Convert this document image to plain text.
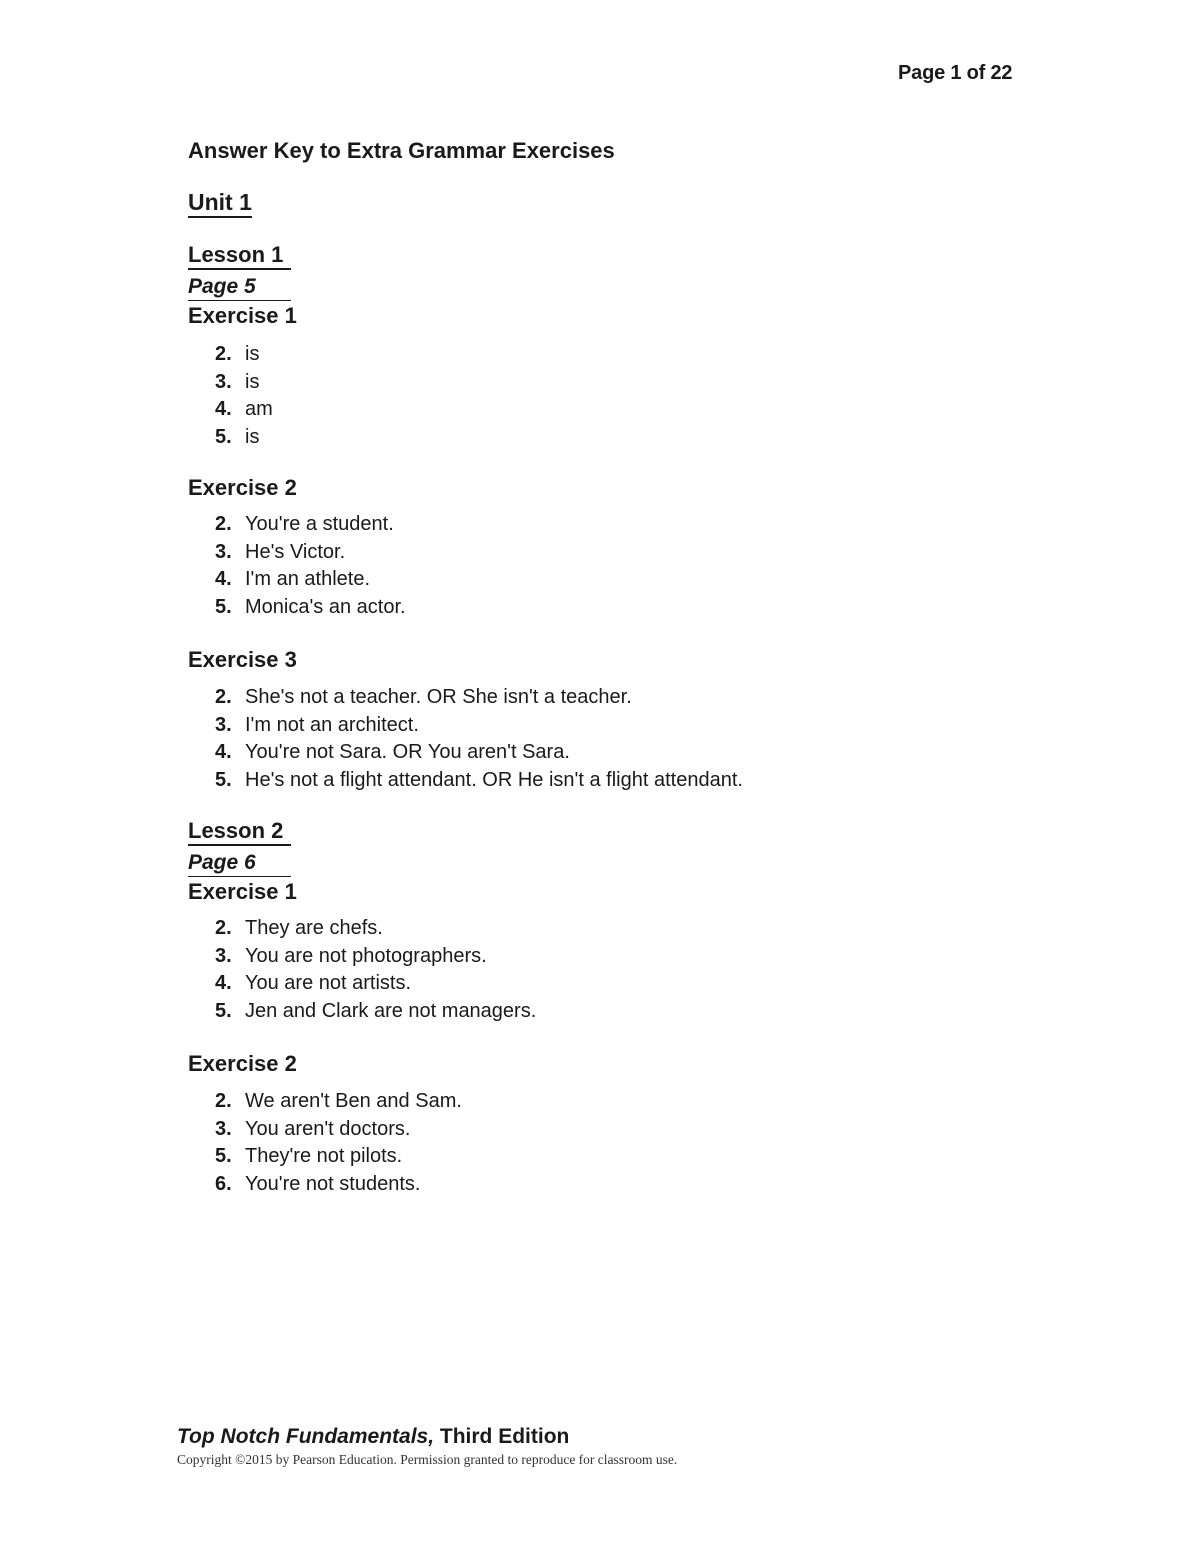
Page 1 of 22
Answer Key to Extra Grammar Exercises
Unit 1
Lesson 1
Page 5
Exercise 1
2. is
3. is
4. am
5. is
Exercise 2
2. You're a student.
3. He's Victor.
4. I'm an athlete.
5. Monica's an actor.
Exercise 3
2. She's not a teacher. OR She isn't a teacher.
3. I'm not an architect.
4. You're not Sara. OR You aren't Sara.
5. He's not a flight attendant. OR He isn't a flight attendant.
Lesson 2
Page 6
Exercise 1
2. They are chefs.
3. You are not photographers.
4. You are not artists.
5. Jen and Clark are not managers.
Exercise 2
2. We aren't Ben and Sam.
3. You aren't doctors.
5. They're not pilots.
6. You're not students.
Top Notch Fundamentals, Third Edition
Copyright ©2015 by Pearson Education. Permission granted to reproduce for classroom use.
